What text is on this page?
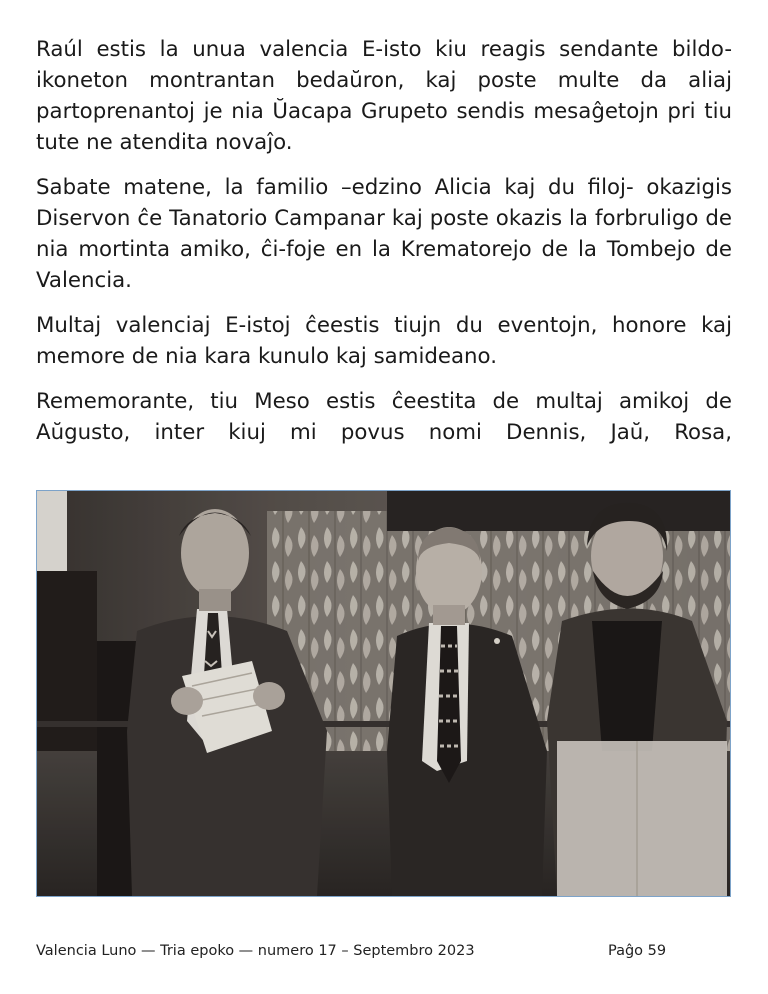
Raúl estis la unua valencia E-isto kiu reagis sendante bildo-ikoneton montrantan bedaŭron, kaj poste multe da aliaj partoprenantoj je nia Ŭacapa Grupeto sendis mesaĝetojn pri tiu tute ne atendita novaĵo.

Sabate matene, la familio –edzino Alicia kaj du filoj- okazigis Diservon ĉe Tanatorio Campanar kaj poste okazis la forbruligo de nia mortinta amiko, ĉi-foje en la Krematorejo de la Tombejo de Valencia.

Multaj valenciaj E-istoj ĉeestis tiujn du eventojn, honore kaj memore de nia kara kunulo kaj samideano.

Rememorante, tiu Meso estis ĉeestita de multaj amikoj de Aŭgusto, inter kiuj mi povus nomi Dennis, Jaŭ, Rosa,

Valencia Luno — Tria epoko — numero 17 – Septembro 2023	Paĝo 59
